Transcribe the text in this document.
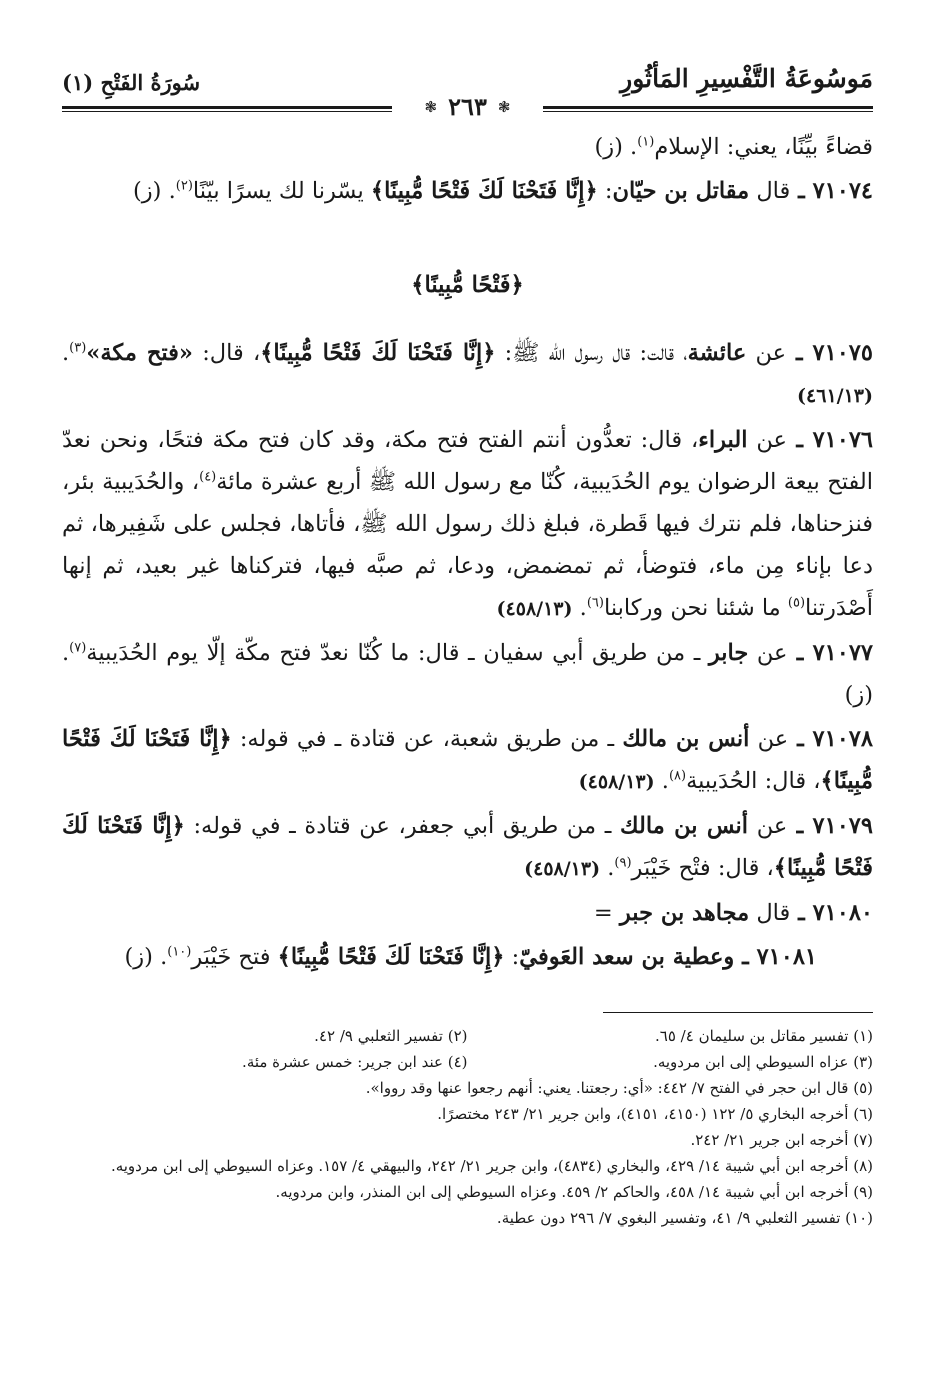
مَوسُوعَةُ التَّفْسِيرِ المَأثُورِ
سُورَةُ الفَتْحِ (١)
❃ ٢٦٣ ❃

قضاءً بيِّنًا، يعني: الإسلام$^{(١)}$. (ز)

٧١٠٧٤ ـ قال مقاتل بن حيّان: ﴿إِنَّا فَتَحْنَا لَكَ فَتْحًا مُّبِينًا﴾ يسّرنا لك يسرًا بيّنًا$^{(٢)}$. (ز)

﴿فَتْحًا مُّبِينًا﴾

٧١٠٧٥ ـ عن عائشة، قالت: قال رسول الله ﷺ: ﴿إِنَّا فَتَحْنَا لَكَ فَتْحًا مُّبِينًا﴾، قال: «فتح مكة»$^{(٣)}$. (٤٦١/١٣)

٧١٠٧٦ ـ عن البراء، قال: تعدُّون أنتم الفتح فتح مكة، وقد كان فتح مكة فتحًا، ونحن نعدّ الفتح بيعة الرضوان يوم الحُدَيبية، كُنّا مع رسول الله ﷺ أربع عشرة مائة$^{(٤)}$، والحُدَيبية بئر، فنزحناها، فلم نترك فيها قَطرة، فبلغ ذلك رسول الله ﷺ، فأتاها، فجلس على شَفِيرها، ثم دعا بإناء مِن ماء، فتوضأ، ثم تمضمض، ودعا، ثم صبَّه فيها، فتركناها غير بعيد، ثم إنها أَصْدَرتنا$^{(٥)}$ ما شئنا نحن وركابنا$^{(٦)}$. (٤٥٨/١٣)

٧١٠٧٧ ـ عن جابر ـ من طريق أبي سفيان ـ قال: ما كُنّا نعدّ فتح مكّة إلّا يوم الحُدَيبية$^{(٧)}$. (ز)

٧١٠٧٨ ـ عن أنس بن مالك ـ من طريق شعبة، عن قتادة ـ في قوله: ﴿إِنَّا فَتَحْنَا لَكَ فَتْحًا مُّبِينًا﴾، قال: الحُدَيبية$^{(٨)}$. (٤٥٨/١٣)

٧١٠٧٩ ـ عن أنس بن مالك ـ من طريق أبي جعفر، عن قتادة ـ في قوله: ﴿إِنَّا فَتَحْنَا لَكَ فَتْحًا مُّبِينًا﴾، قال: فتْح خَيْبَر$^{(٩)}$. (٤٥٨/١٣)

٧١٠٨٠ ـ قال مجاهد بن جبر =

٧١٠٨١ ـ وعطية بن سعد العَوفيّ: ﴿إِنَّا فَتَحْنَا لَكَ فَتْحًا مُّبِينًا﴾ فتح خَيْبَر$^{(١٠)}$. (ز)

(١) تفسير مقاتل بن سليمان ٤/ ٦٥.
(٢) تفسير الثعلبي ٩/ ٤٢.
(٣) عزاه السيوطي إلى ابن مردويه.
(٤) عند ابن جرير: خمس عشرة مئة.
(٥) قال ابن حجر في الفتح ٧/ ٤٤٢: «أي: رجعتنا. يعني: أنهم رجعوا عنها وقد رووا».
(٦) أخرجه البخاري ٥/ ١٢٢ (٤١٥٠، ٤١٥١)، وابن جرير ٢١/ ٢٤٣ مختصرًا.
(٧) أخرجه ابن جرير ٢١/ ٢٤٢.
(٨) أخرجه ابن أبي شيبة ١٤/ ٤٢٩، والبخاري (٤٨٣٤)، وابن جرير ٢١/ ٢٤٢، والبيهقي ٤/ ١٥٧. وعزاه السيوطي إلى ابن مردويه.
(٩) أخرجه ابن أبي شيبة ١٤/ ٤٥٨، والحاكم ٢/ ٤٥٩. وعزاه السيوطي إلى ابن المنذر، وابن مردويه.
(١٠) تفسير الثعلبي ٩/ ٤١، وتفسير البغوي ٧/ ٢٩٦ دون عطية.
